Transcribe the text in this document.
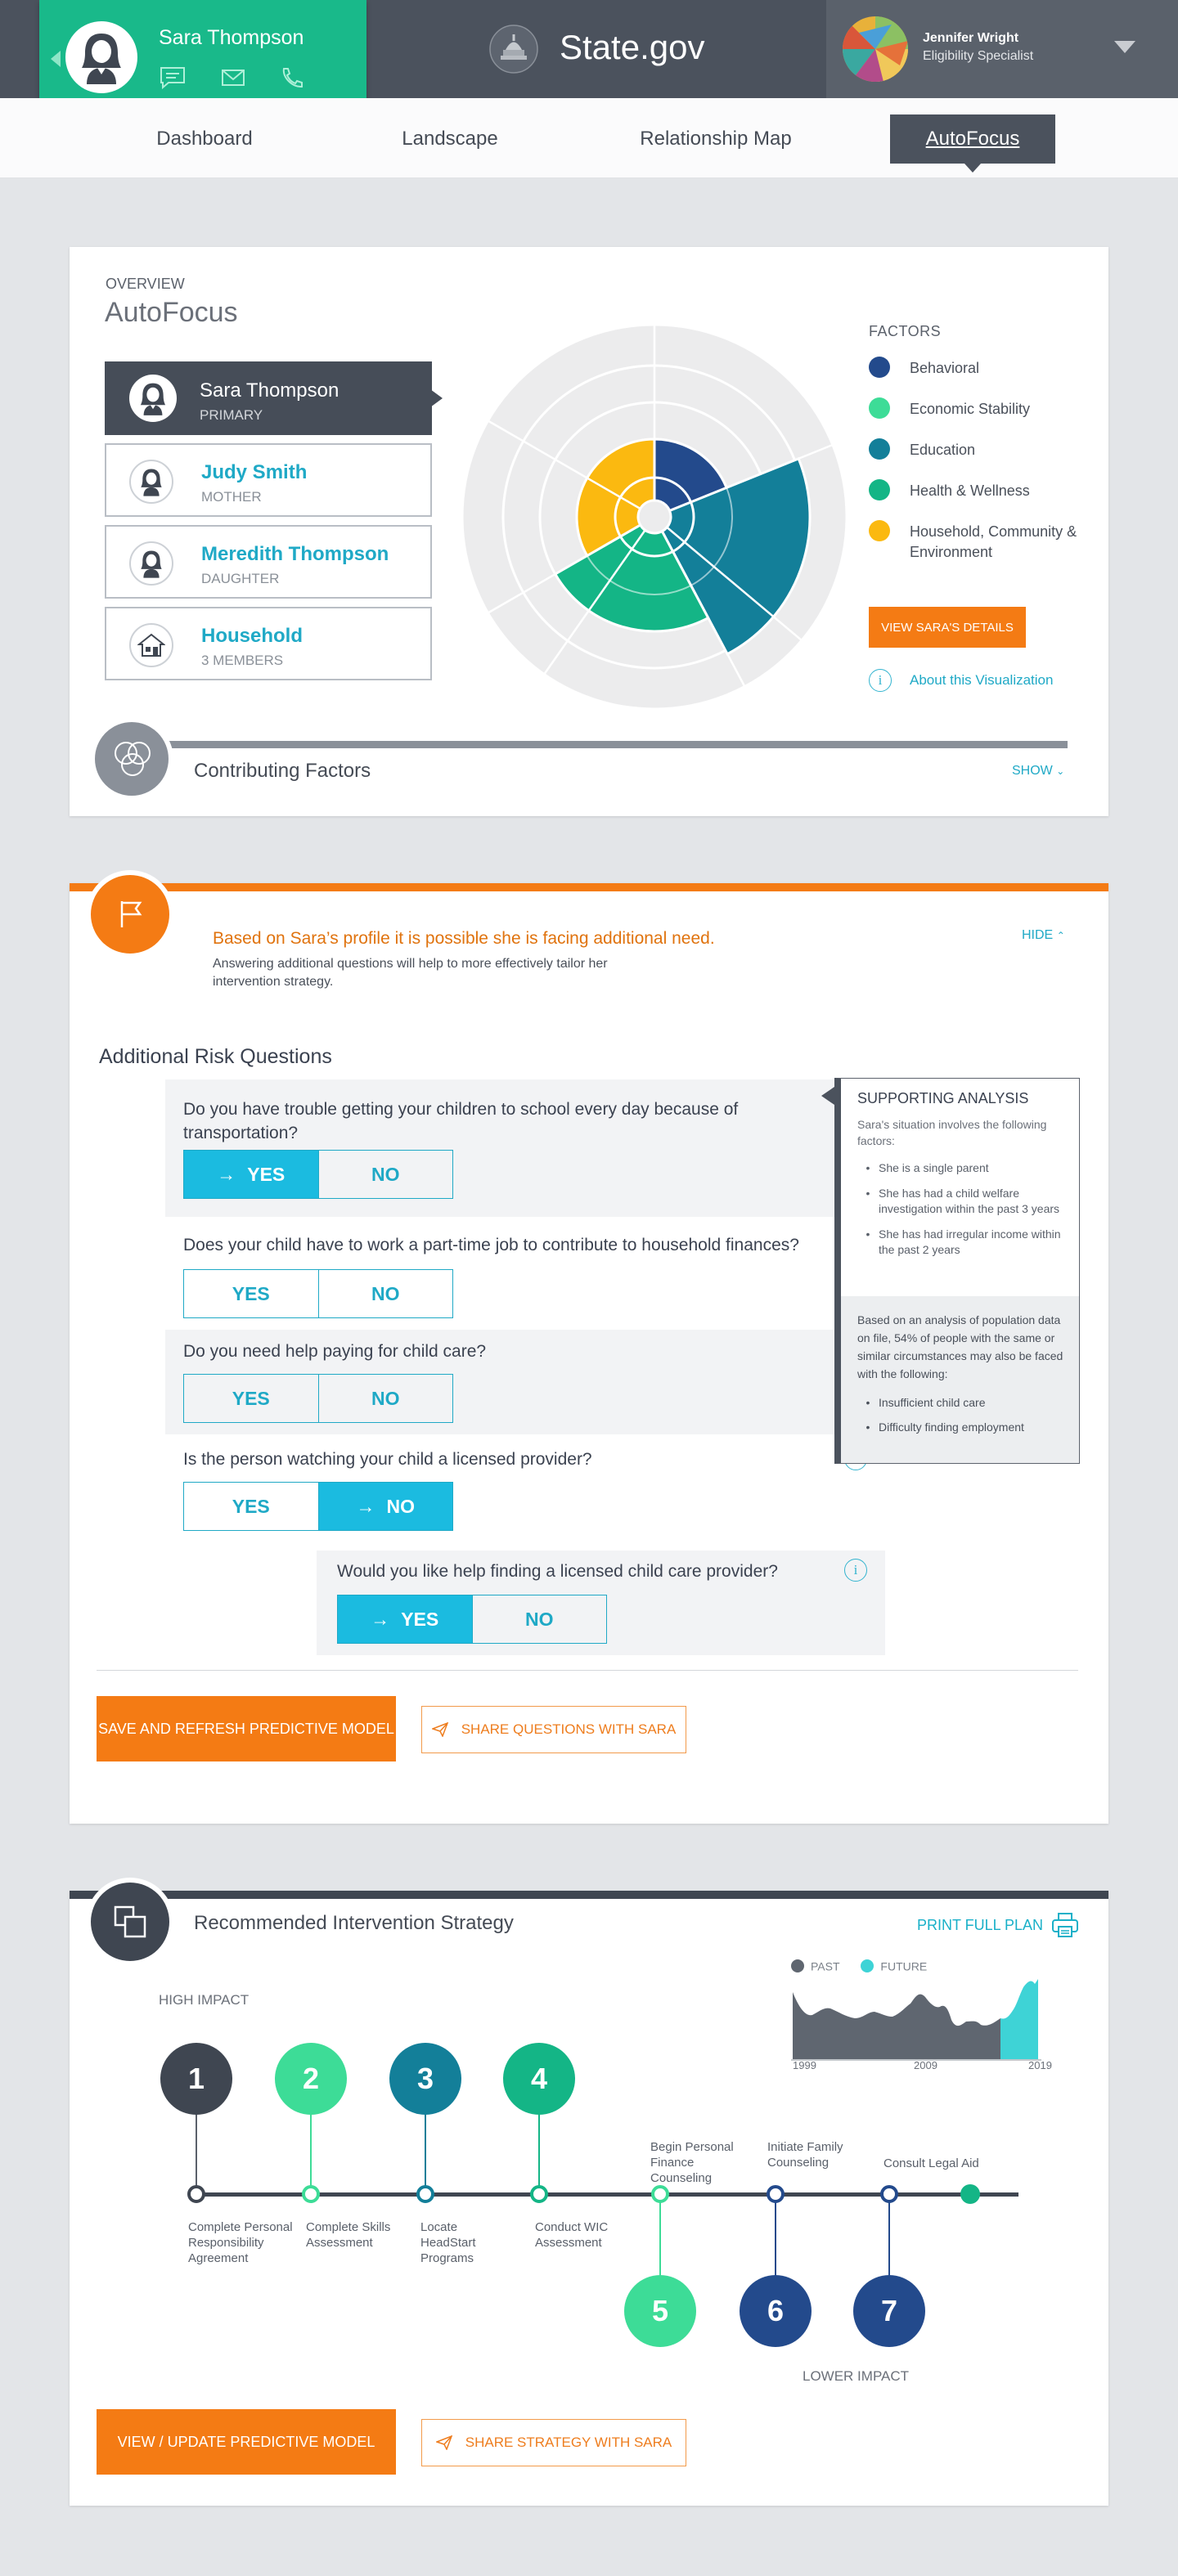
Jennifer Wright
Eligibility Specialist
State.gov
Sara Thompson
Dashboard	Landscape	Relationship Map	AutoFocus
OVERVIEW
AutoFocus
Sara Thompson
PRIMARY
Judy Smith
MOTHER
Meredith Thompson
DAUGHTER
Household
3 MEMBERS
FACTORS
Behavioral
Economic Stability
Education
Health & Wellness
Household, Community & Environment
VIEW SARA'S DETAILS
i	About this Visualization
Contributing Factors	SHOW ⌄
Based on Sara’s profile it is possible she is facing additional need.
Answering additional questions will help to more effectively tailor her intervention strategy.
HIDE ⌃
Additional Risk Questions
Do you have trouble getting your children to school every day because of transportation?
→ YES	NO
Does your child have to work a part-time job to contribute to household finances?
YES	NO
Do you need help paying for child care?
YES	NO
Is the person watching your child a licensed provider?
YES	→ NO
Would you like help finding a licensed child care provider?
→ YES	NO
i
SUPPORTING ANALYSIS
Sara's situation involves the following factors:
• She is a single parent
• She has had a child welfare investigation within the past 3 years
• She has had irregular income within the past 2 years
Based on an analysis of population data on file, 54% of people with the same or similar circumstances may also be faced with the following:
• Insufficient child care
• Difficulty finding employment
SAVE AND REFRESH PREDICTIVE MODEL	SHARE QUESTIONS WITH SARA
Recommended Intervention Strategy	PRINT FULL PLAN
PAST	FUTURE
1999	2009	2019
HIGH IMPACT
1
Complete Personal Responsibility Agreement
2
Complete Skills Assessment
3
Locate HeadStart Programs
4
Conduct WIC Assessment
Begin Personal Finance Counseling
5
Initiate Family Counseling
6
Consult Legal Aid
7
LOWER IMPACT
VIEW / UPDATE PREDICTIVE MODEL	SHARE STRATEGY WITH SARA
